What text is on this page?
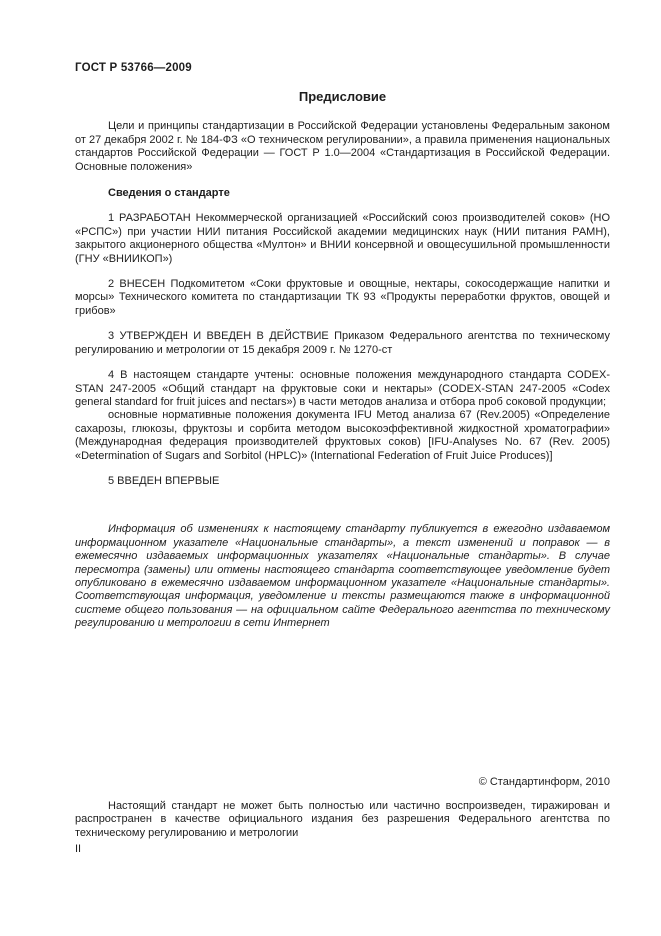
ГОСТ Р 53766—2009
Предисловие

Цели и принципы стандартизации в Российской Федерации установлены Федеральным законом от 27 декабря 2002 г. № 184-ФЗ «О техническом регулировании», а правила применения национальных стандартов Российской Федерации — ГОСТ Р 1.0—2004 «Стандартизация в Российской Федерации. Основные положения»

Сведения о стандарте

1 РАЗРАБОТАН Некоммерческой организацией «Российский союз производителей соков» (НО «РСПС») при участии НИИ питания Российской академии медицинских наук (НИИ питания РАМН), закрытого акционерного общества «Мултон» и ВНИИ консервной и овощесушильной промышленности (ГНУ «ВНИИКОП»)

2 ВНЕСЕН Подкомитетом «Соки фруктовые и овощные, нектары, сокосодержащие напитки и морсы» Технического комитета по стандартизации ТК 93 «Продукты переработки фруктов, овощей и грибов»

3 УТВЕРЖДЕН И ВВЕДЕН В ДЕЙСТВИЕ Приказом Федерального агентства по техническому регулированию и метрологии от 15 декабря 2009 г. № 1270-ст

4 В настоящем стандарте учтены: основные положения международного стандарта CODEX-STAN 247-2005 «Общий стандарт на фруктовые соки и нектары» (CODEX-STAN 247-2005 «Codex general standard for fruit juices and nectars») в части методов анализа и отбора проб соковой продукции;

основные нормативные положения документа IFU Метод анализа 67 (Rev.2005) «Определение сахарозы, глюкозы, фруктозы и сорбита методом высокоэффективной жидкостной хроматографии» (Международная федерация производителей фруктовых соков) [IFU-Analyses No. 67 (Rev. 2005) «Determination of Sugars and Sorbitol (HPLC)» (International Federation of Fruit Juice Produces)]

5 ВВЕДЕН ВПЕРВЫЕ

Информация об изменениях к настоящему стандарту публикуется в ежегодно издаваемом информационном указателе «Национальные стандарты», а текст изменений и поправок — в ежемесячно издаваемых информационных указателях «Национальные стандарты». В случае пересмотра (замены) или отмены настоящего стандарта соответствующее уведомление будет опубликовано в ежемесячно издаваемом информационном указателе «Национальные стандарты». Соответствующая информация, уведомление и тексты размещаются также в информационной системе общего пользования — на официальном сайте Федерального агентства по техническому регулированию и метрологии в сети Интернет

© Стандартинформ, 2010

Настоящий стандарт не может быть полностью или частично воспроизведен, тиражирован и распространен в качестве официального издания без разрешения Федерального агентства по техническому регулированию и метрологии

II
